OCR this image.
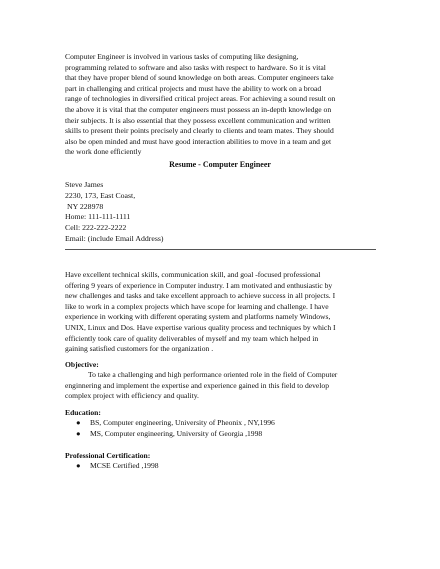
Computer Engineer is involved in various tasks of computing like designing,
programming related to software and also tasks with respect to hardware. So it is vital
that they have proper blend of sound knowledge on both areas. Computer engineers take
part in challenging and critical projects and must have the ability to work on a broad
range of technologies in diversified critical project areas. For achieving a sound result on
the above it is vital that the computer engineers must possess an in-depth knowledge on
their subjects. It is also essential that they possess excellent communication and written
skills to present their points precisely and clearly to clients and team mates. They should
also be open minded and must have good interaction abilities to move in a team and get
the work done efficiently
Resume - Computer Engineer
Steve James
2230, 173, East Coast,
NY 228978
Home: 111-111-1111
Cell: 222-222-2222
Email: (include Email Address)
Have excellent technical skills, communication skill, and goal -focused professional
offering 9 years of experience in Computer industry. I am motivated and enthusiastic by
new challenges and tasks and take excellent approach to achieve success in all projects. I
like to work in a complex projects which have scope for learning and challenge. I have
experience in working with different operating system and platforms namely Windows,
UNIX, Linux and Dos. Have expertise various quality process and techniques by which I
efficiently took care of quality deliverables of myself and my team which helped in
gaining satisfied customers for the organization .
Objective:
To take a challenging and high performance oriented role in the field of Computer
enginnering and implement the expertise and experience gained in this field to develop
complex project with efficiency and quality.
Education:
● BS, Computer engineering, University of Pheonix , NY,1996
● MS, Computer engineering, University of Georgia ,1998
Professional Certification:
● MCSE Certified ,1998
